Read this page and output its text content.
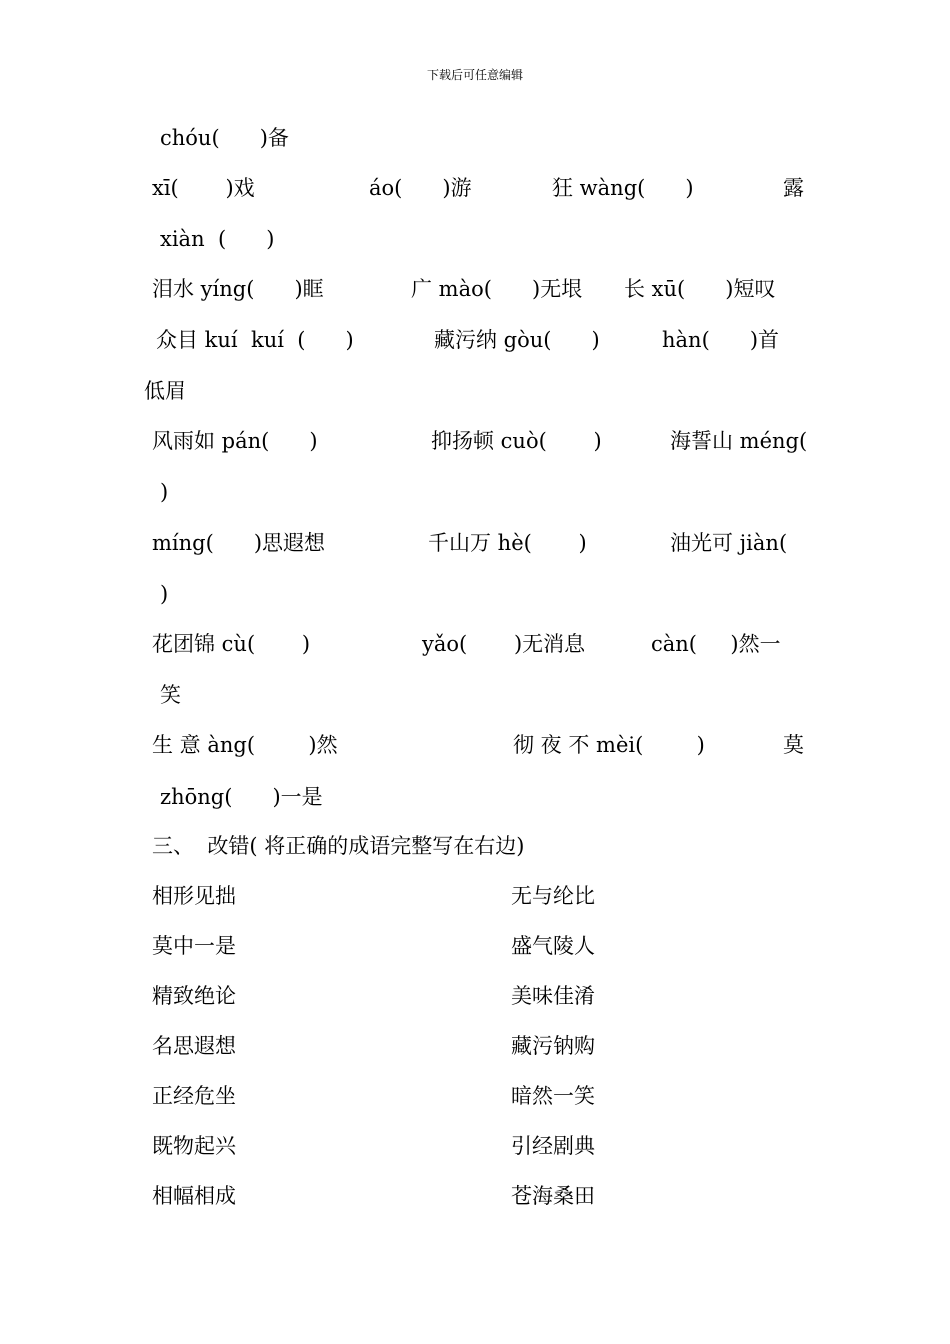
下载后可任意编辑
chóu(      )备
xī(       )戏	áo(      )游	狂 wàng(      )	露
xiàn  (      )
泪水 yíng(      )眶	广 mào(      )无垠 长 xū(      )短叹
众目 kuí  kuí  (      )	藏污纳 gòu(      )	hàn(      )首
低眉
风雨如 pán(      )	抑扬顿 cuò(       )	海誓山 méng(
)
míng(      )思遐想	千山万 hè(       )	油光可 jiàn(
)
花团锦 cù(       )	yǎo(       )无消息	càn(     )然一
笑
生 意 àng(        )然	彻 夜 不 mèi(        )	莫
zhōng(      )一是
三、  改错( 将正确的成语完整写在右边)
相形见拙	无与纶比
莫中一是	盛气陵人
精致绝论	美味佳淆
名思遐想	藏污钠购
正经危坐	暗然一笑
既物起兴	引经剧典
相幅相成	苍海桑田
